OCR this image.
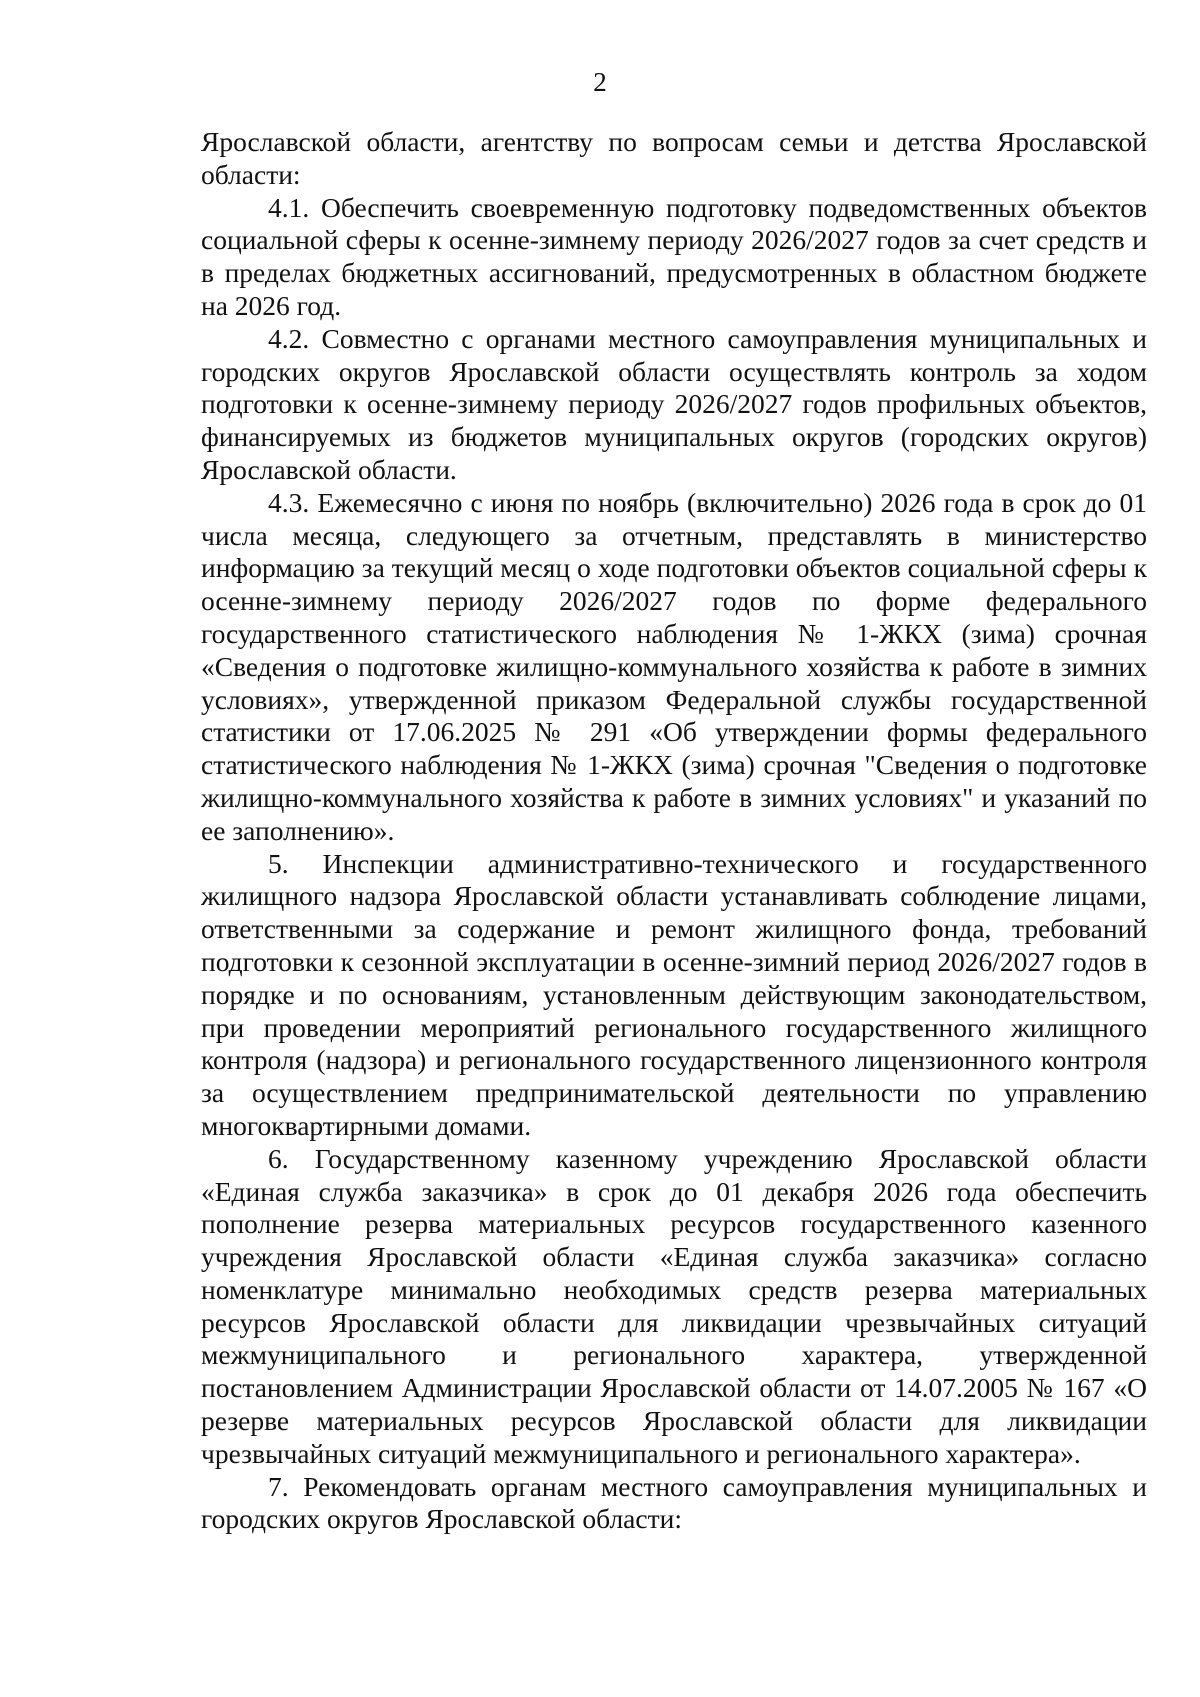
2

Ярославской области, агентству по вопросам семьи и детства Ярославской области:

4.1. Обеспечить своевременную подготовку подведомственных объектов социальной сферы к осенне-зимнему периоду 2026/2027 годов за счет средств и в пределах бюджетных ассигнований, предусмотренных в областном бюджете на 2026 год.

4.2. Совместно с органами местного самоуправления муниципальных и городских округов Ярославской области осуществлять контроль за ходом подготовки к осенне-зимнему периоду 2026/2027 годов профильных объектов, финансируемых из бюджетов муниципальных округов (городских округов) Ярославской области.

4.3. Ежемесячно с июня по ноябрь (включительно) 2026 года в срок до 01 числа месяца, следующего за отчетным, представлять в министерство информацию за текущий месяц о ходе подготовки объектов социальной сферы к осенне-зимнему периоду 2026/2027 годов по форме федерального государственного статистического наблюдения № 1-ЖКХ (зима) срочная «Сведения о подготовке жилищно-коммунального хозяйства к работе в зимних условиях», утвержденной приказом Федеральной службы государственной статистики от 17.06.2025 № 291 «Об утверждении формы федерального статистического наблюдения № 1-ЖКХ (зима) срочная "Сведения о подготовке жилищно-коммунального хозяйства к работе в зимних условиях" и указаний по ее заполнению».

5. Инспекции административно-технического и государственного жилищного надзора Ярославской области устанавливать соблюдение лицами, ответственными за содержание и ремонт жилищного фонда, требований подготовки к сезонной эксплуатации в осенне-зимний период 2026/2027 годов в порядке и по основаниям, установленным действующим законодательством, при проведении мероприятий регионального государственного жилищного контроля (надзора) и регионального государственного лицензионного контроля за осуществлением предпринимательской деятельности по управлению многоквартирными домами.

6. Государственному казенному учреждению Ярославской области «Единая служба заказчика» в срок до 01 декабря 2026 года обеспечить пополнение резерва материальных ресурсов государственного казенного учреждения Ярославской области «Единая служба заказчика» согласно номенклатуре минимально необходимых средств резерва материальных ресурсов Ярославской области для ликвидации чрезвычайных ситуаций межмуниципального и регионального характера, утвержденной постановлением Администрации Ярославской области от 14.07.2005 № 167 «О резерве материальных ресурсов Ярославской области для ликвидации чрезвычайных ситуаций межмуниципального и регионального характера».

7. Рекомендовать органам местного самоуправления муниципальных и городских округов Ярославской области:
